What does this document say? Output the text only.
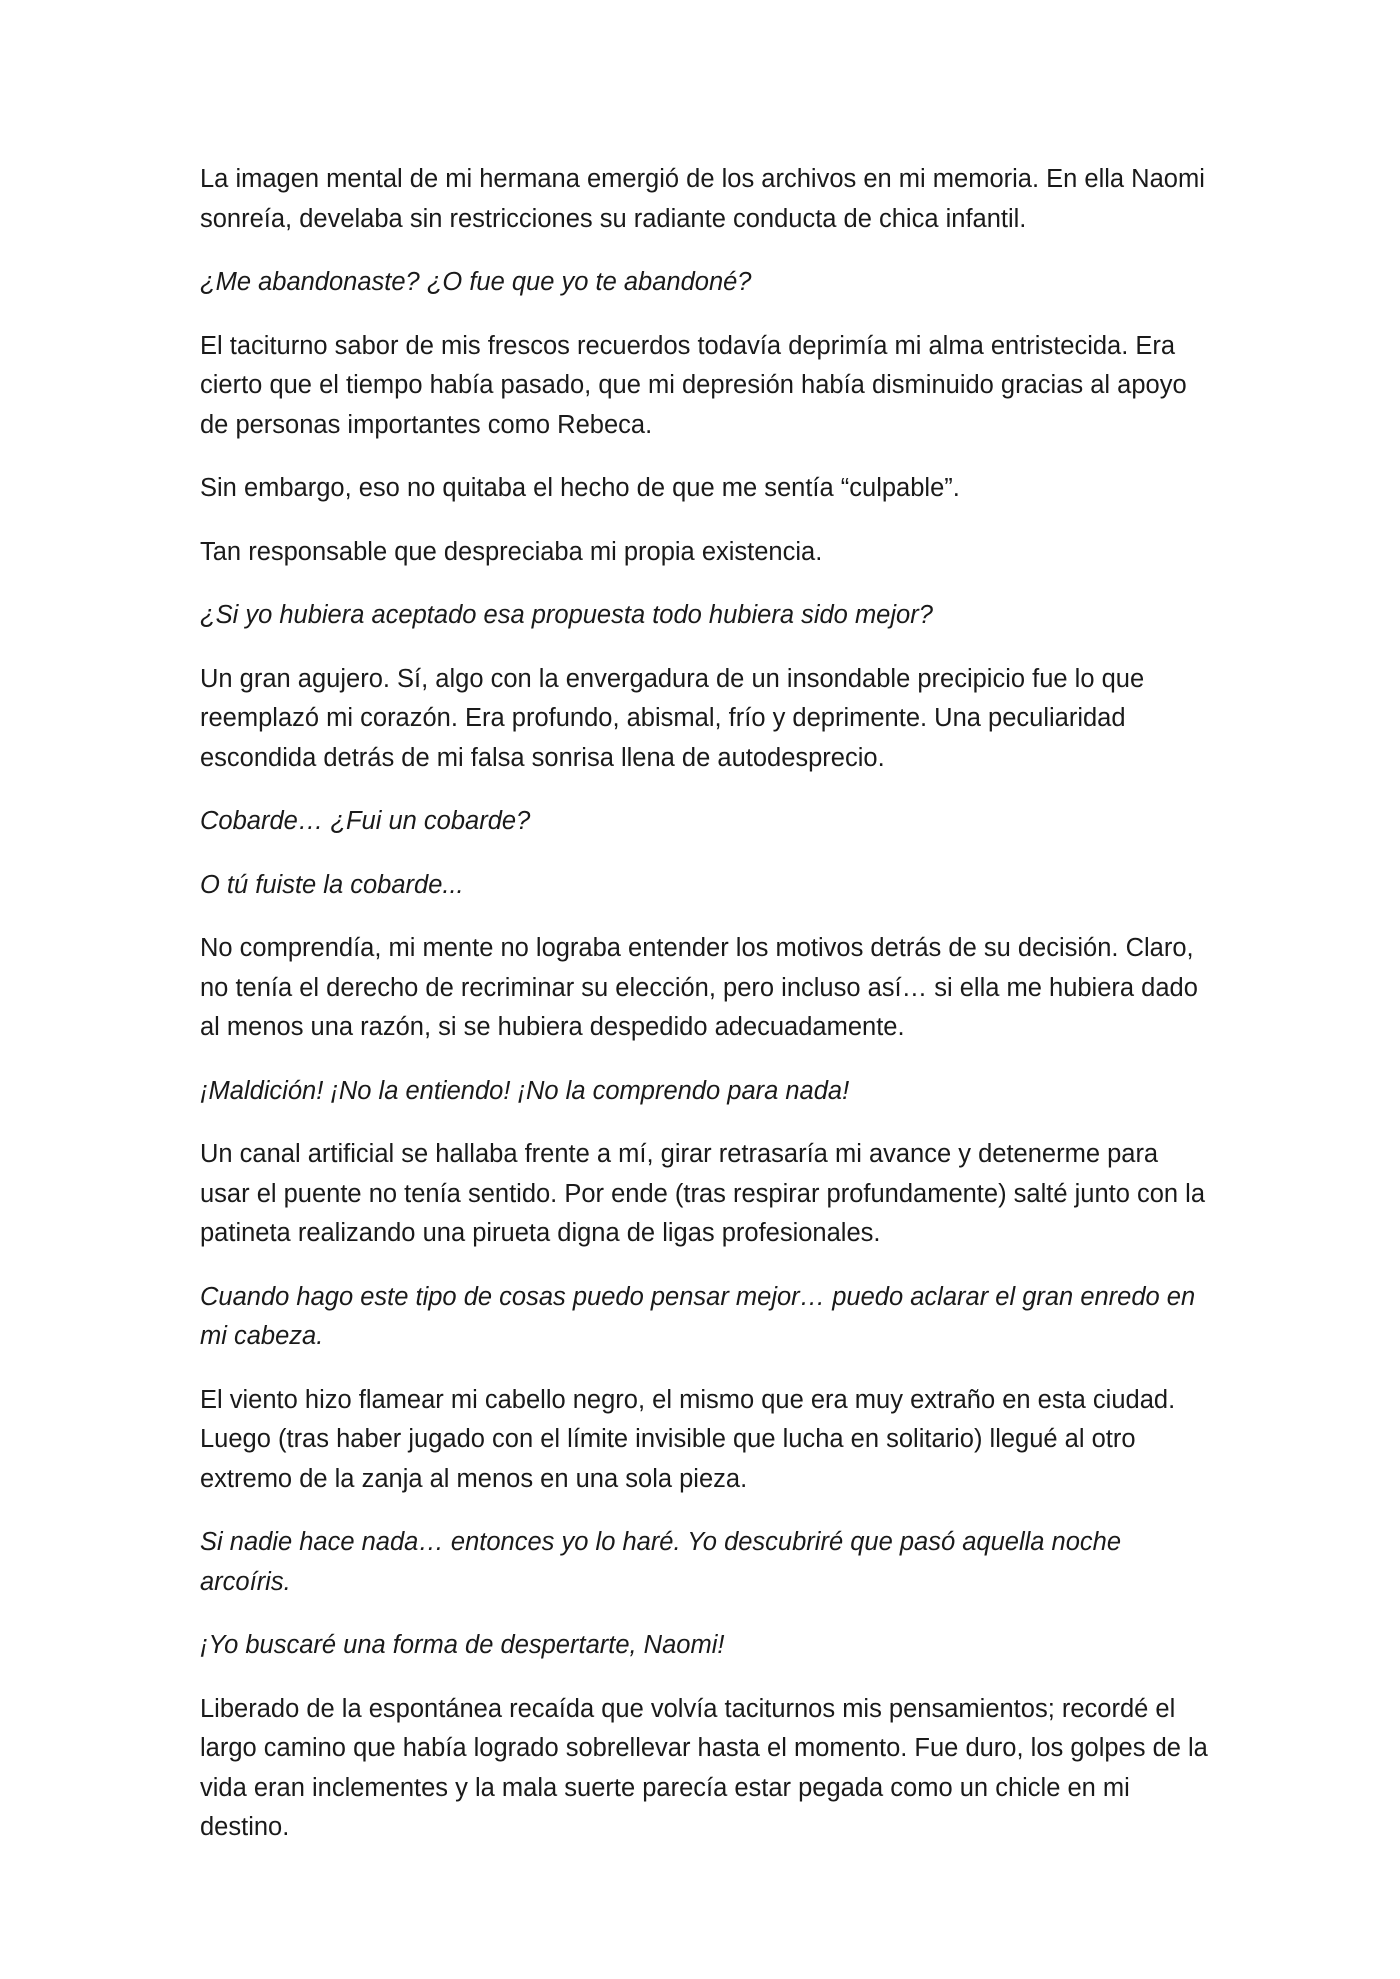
La imagen mental de mi hermana emergió de los archivos en mi memoria. En ella Naomi sonreía, develaba sin restricciones su radiante conducta de chica infantil.

¿Me abandonaste? ¿O fue que yo te abandoné?

El taciturno sabor de mis frescos recuerdos todavía deprimía mi alma entristecida. Era cierto que el tiempo había pasado, que mi depresión había disminuido gracias al apoyo de personas importantes como Rebeca.

Sin embargo, eso no quitaba el hecho de que me sentía “culpable”.

Tan responsable que despreciaba mi propia existencia.

¿Si yo hubiera aceptado esa propuesta todo hubiera sido mejor?

Un gran agujero. Sí, algo con la envergadura de un insondable precipicio fue lo que reemplazó mi corazón. Era profundo, abismal, frío y deprimente. Una peculiaridad escondida detrás de mi falsa sonrisa llena de autodesprecio.

Cobarde… ¿Fui un cobarde?

O tú fuiste la cobarde...

No comprendía, mi mente no lograba entender los motivos detrás de su decisión. Claro, no tenía el derecho de recriminar su elección, pero incluso así… si ella me hubiera dado al menos una razón, si se hubiera despedido adecuadamente.

¡Maldición! ¡No la entiendo! ¡No la comprendo para nada!

Un canal artificial se hallaba frente a mí, girar retrasaría mi avance y detenerme para usar el puente no tenía sentido. Por ende (tras respirar profundamente) salté junto con la patineta realizando una pirueta digna de ligas profesionales.

Cuando hago este tipo de cosas puedo pensar mejor… puedo aclarar el gran enredo en mi cabeza.

El viento hizo flamear mi cabello negro, el mismo que era muy extraño en esta ciudad. Luego (tras haber jugado con el límite invisible que lucha en solitario) llegué al otro extremo de la zanja al menos en una sola pieza.

Si nadie hace nada… entonces yo lo haré. Yo descubriré que pasó aquella noche arcoíris.

¡Yo buscaré una forma de despertarte, Naomi!

Liberado de la espontánea recaída que volvía taciturnos mis pensamientos; recordé el largo camino que había logrado sobrellevar hasta el momento. Fue duro, los golpes de la vida eran inclementes y la mala suerte parecía estar pegada como un chicle en mi destino.
